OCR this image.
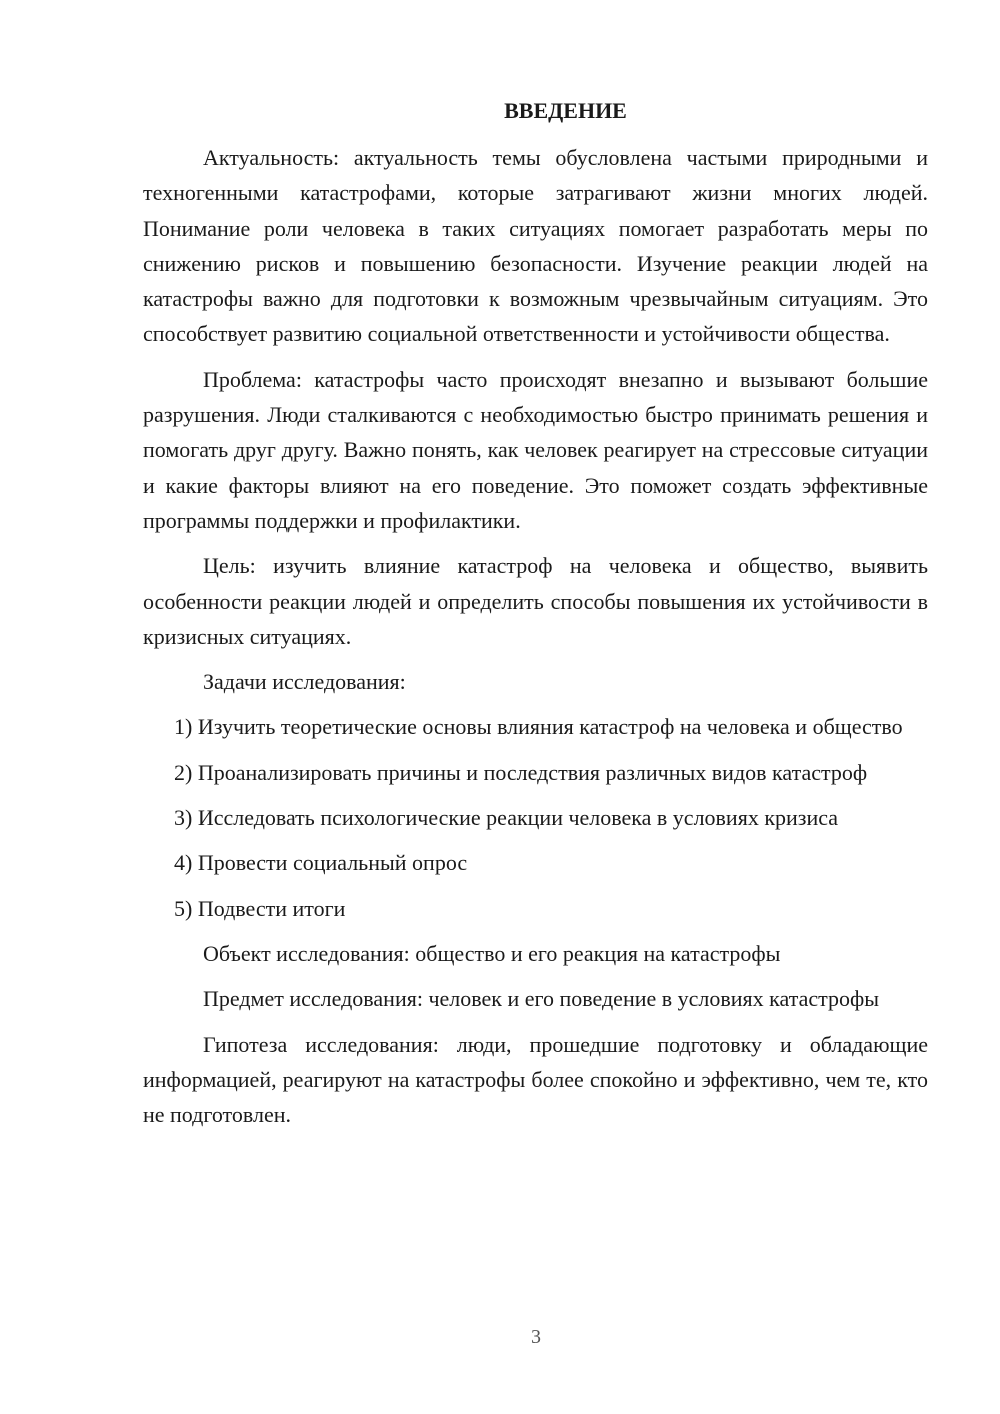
ВВЕДЕНИЕ

Актуальность: актуальность темы обусловлена частыми природными и техногенными катастрофами, которые затрагивают жизни многих людей. Понимание роли человека в таких ситуациях помогает разработать меры по снижению рисков и повышению безопасности. Изучение реакции людей на катастрофы важно для подготовки к возможным чрезвычайным ситуациям. Это способствует развитию социальной ответственности и устойчивости общества.

Проблема: катастрофы часто происходят внезапно и вызывают большие разрушения. Люди сталкиваются с необходимостью быстро принимать решения и помогать друг другу. Важно понять, как человек реагирует на стрессовые ситуации и какие факторы влияют на его поведение. Это поможет создать эффективные программы поддержки и профилактики.

Цель: изучить влияние катастроф на человека и общество, выявить особенности реакции людей и определить способы повышения их устойчивости в кризисных ситуациях.

Задачи исследования:

1) Изучить теоретические основы влияния катастроф на человека и общество

2) Проанализировать причины и последствия различных видов катастроф

3) Исследовать психологические реакции человека в условиях кризиса

4) Провести социальный опрос

5) Подвести итоги

Объект исследования: общество и его реакция на катастрофы

Предмет исследования: человек и его поведение в условиях катастрофы

Гипотеза исследования: люди, прошедшие подготовку и обладающие информацией, реагируют на катастрофы более спокойно и эффективно, чем те, кто не подготовлен.

3
